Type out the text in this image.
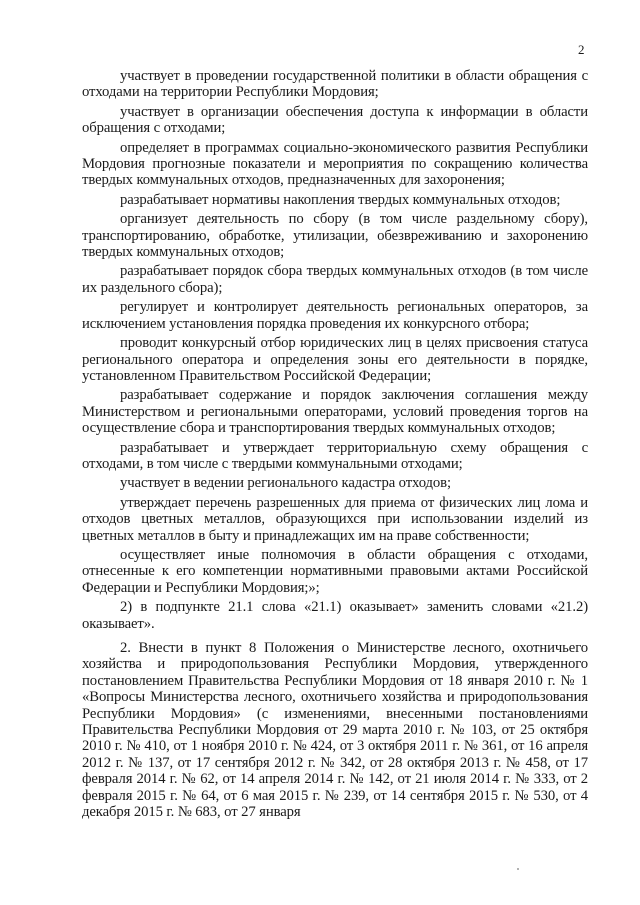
2

участвует в проведении государственной политики в области обращения с отходами на территории Республики Мордовия;

участвует в организации обеспечения доступа к информации в области обращения с отходами;

определяет в программах социально-экономического развития Республики Мордовия прогнозные показатели и мероприятия по сокращению количества твердых коммунальных отходов, предназначенных для захоронения;

разрабатывает нормативы накопления твердых коммунальных отходов;

организует деятельность по сбору (в том числе раздельному сбору), транспортированию, обработке, утилизации, обезвреживанию и захоронению твердых коммунальных отходов;

разрабатывает порядок сбора твердых коммунальных отходов (в том числе их раздельного сбора);

регулирует и контролирует деятельность региональных операторов, за исключением установления порядка проведения их конкурсного отбора;

проводит конкурсный отбор юридических лиц в целях присвоения статуса регионального оператора и определения зоны его деятельности в порядке, установленном Правительством Российской Федерации;

разрабатывает содержание и порядок заключения соглашения между Министерством и региональными операторами, условий проведения торгов на осуществление сбора и транспортирования твердых коммунальных отходов;

разрабатывает и утверждает территориальную схему обращения с отходами, в том числе с твердыми коммунальными отходами;

участвует в ведении регионального кадастра отходов;

утверждает перечень разрешенных для приема от физических лиц лома и отходов цветных металлов, образующихся при использовании изделий из цветных металлов в быту и принадлежащих им на праве собственности;

осуществляет иные полномочия в области обращения с отходами, отнесенные к его компетенции нормативными правовыми актами Российской Федерации и Республики Мордовия;»;

2) в подпункте 21.1 слова «21.1) оказывает» заменить словами «21.2) оказывает».

2. Внести в пункт 8 Положения о Министерстве лесного, охотничьего хозяйства и природопользования Республики Мордовия, утвержденного постановлением Правительства Республики Мордовия от 18 января 2010 г. № 1 «Вопросы Министерства лесного, охотничьего хозяйства и природопользования Республики Мордовия» (с изменениями, внесенными постановлениями Правительства Республики Мордовия от 29 марта 2010 г. № 103, от 25 октября 2010 г. № 410, от 1 ноября 2010 г. № 424, от 3 октября 2011 г. № 361, от 16 апреля 2012 г. № 137, от 17 сентября 2012 г. № 342, от 28 октября 2013 г. № 458, от 17 февраля 2014 г. № 62, от 14 апреля 2014 г. № 142, от 21 июля 2014 г. № 333, от 2 февраля 2015 г. № 64, от 6 мая 2015 г. № 239, от 14 сентября 2015 г. № 530, от 4 декабря 2015 г. № 683, от 27 января
